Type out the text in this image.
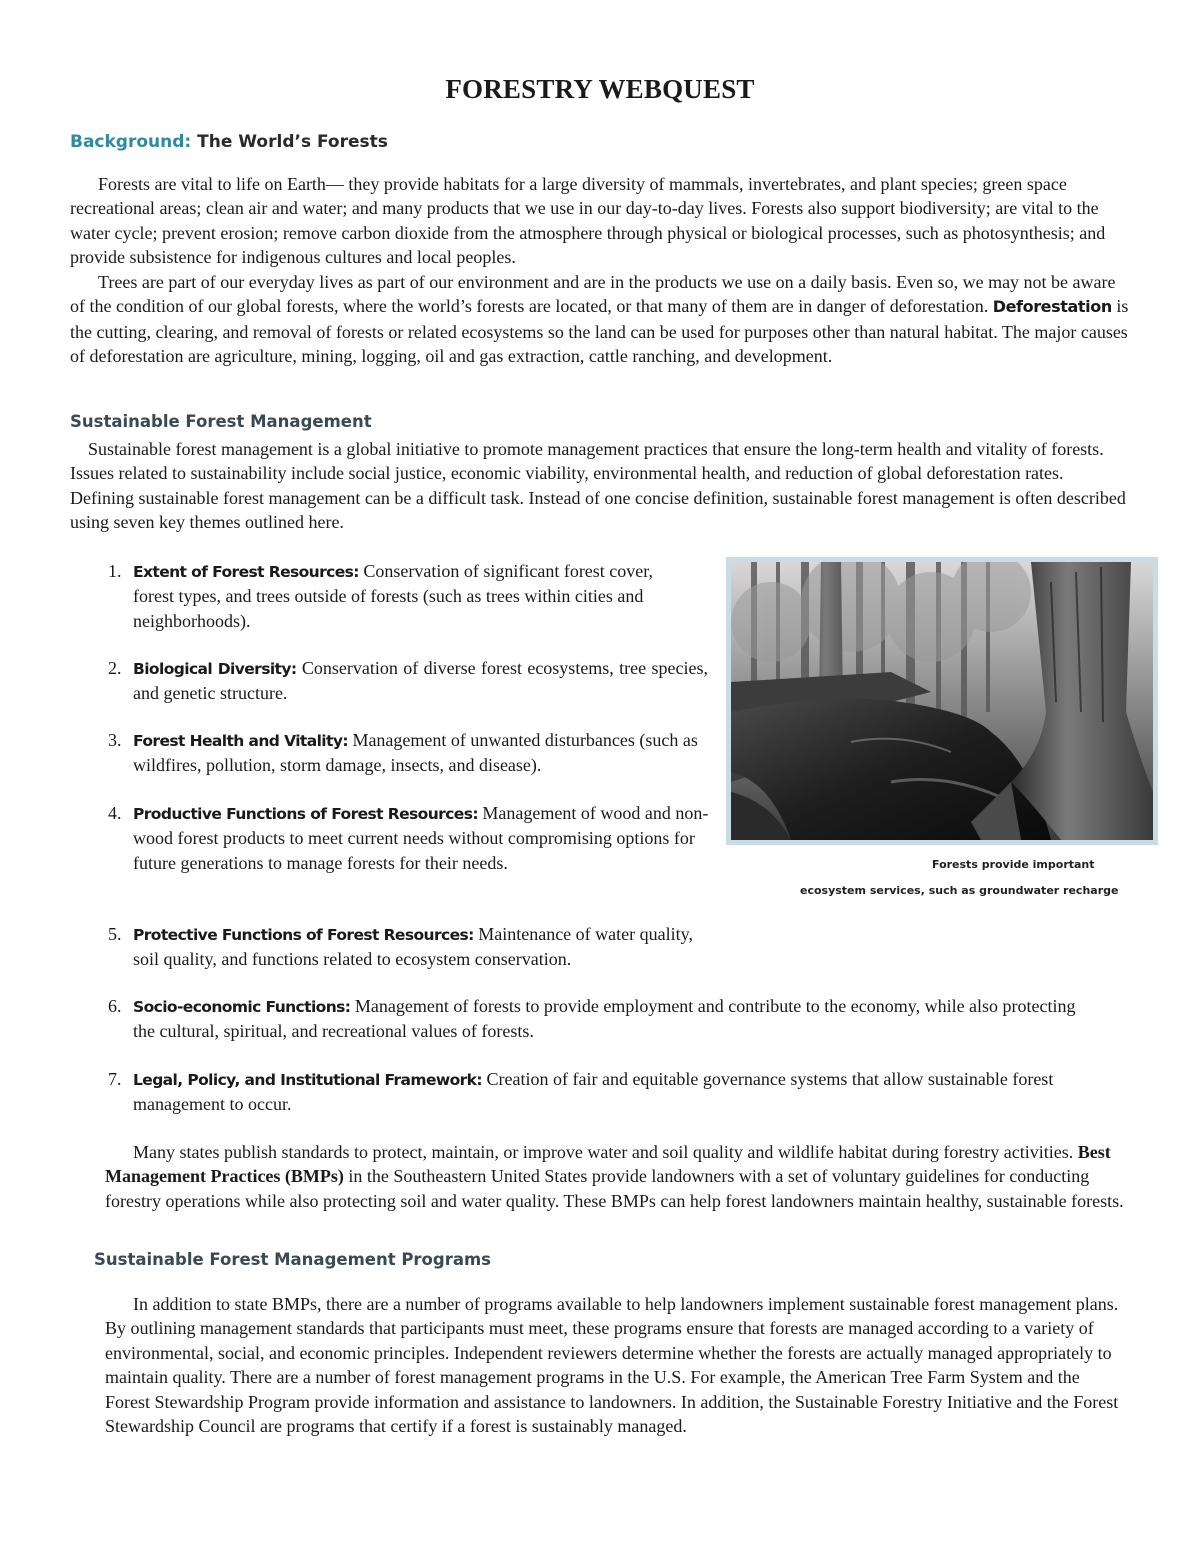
FORESTRY WEBQUEST
Background: The World’s Forests

Forests are vital to life on Earth— they provide habitats for a large diversity of mammals, invertebrates, and plant species; green space recreational areas; clean air and water; and many products that we use in our day-to-day lives. Forests also support biodiversity; are vital to the water cycle; prevent erosion; remove carbon dioxide from the atmosphere through physical or biological processes, such as photosynthesis; and provide subsistence for indigenous cultures and local peoples.

Trees are part of our everyday lives as part of our environment and are in the products we use on a daily basis. Even so, we may not be aware of the condition of our global forests, where the world’s forests are located, or that many of them are in danger of deforestation. Deforestation is the cutting, clearing, and removal of forests or related ecosystems so the land can be used for purposes other than natural habitat. The major causes of deforestation are agriculture, mining, logging, oil and gas extraction, cattle ranching, and development.

Sustainable Forest Management

Sustainable forest management is a global initiative to promote management practices that ensure the long-term health and vitality of forests. Issues related to sustainability include social justice, economic viability, environmental health, and reduction of global deforestation rates. Defining sustainable forest management can be a difficult task. Instead of one concise definition, sustainable forest management is often described using seven key themes outlined here.

1. Extent of Forest Resources: Conservation of significant forest cover, forest types, and trees outside of forests (such as trees within cities and neighborhoods).
2. Biological Diversity: Conservation of diverse forest ecosystems, tree species, and genetic structure.
3. Forest Health and Vitality: Management of unwanted disturbances (such as wildfires, pollution, storm damage, insects, and disease).
4. Productive Functions of Forest Resources: Management of wood and non-wood forest products to meet current needs without compromising options for future generations to manage forests for their needs.
5. Protective Functions of Forest Resources: Maintenance of water quality, soil quality, and functions related to ecosystem conservation.
6. Socio-economic Functions: Management of forests to provide employment and contribute to the economy, while also protecting the cultural, spiritual, and recreational values of forests.
7. Legal, Policy, and Institutional Framework: Creation of fair and equitable governance systems that allow sustainable forest management to occur.

Forests provide important

ecosystem services, such as groundwater recharge

Many states publish standards to protect, maintain, or improve water and soil quality and wildlife habitat during forestry activities. Best Management Practices (BMPs) in the Southeastern United States provide landowners with a set of voluntary guidelines for conducting forestry operations while also protecting soil and water quality. These BMPs can help forest landowners maintain healthy, sustainable forests.

Sustainable Forest Management Programs

In addition to state BMPs, there are a number of programs available to help landowners implement sustainable forest management plans. By outlining management standards that participants must meet, these programs ensure that forests are managed according to a variety of environmental, social, and economic principles. Independent reviewers determine whether the forests are actually managed appropriately to maintain quality. There are a number of forest management programs in the U.S. For example, the American Tree Farm System and the Forest Stewardship Program provide information and assistance to landowners. In addition, the Sustainable Forestry Initiative and the Forest Stewardship Council are programs that certify if a forest is sustainably managed.
